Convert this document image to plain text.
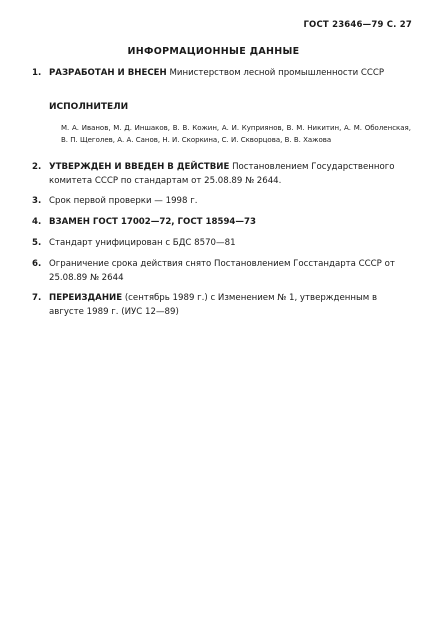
ГОСТ 23646—79 С. 27
ИНФОРМАЦИОННЫЕ ДАННЫЕ
1. РАЗРАБОТАН И ВНЕСЕН Министерством лесной промышленности СССР
ИСПОЛНИТЕЛИ
М. А. Иванов, М. Д. Иншаков, В. В. Кожин, А. И. Куприянов, В. М. Никитин, А. М. Оболенская, В. П. Щеголев, А. А. Санов, Н. И. Скоркина, С. И. Скворцова, В. В. Хажова
2. УТВЕРЖДЕН И ВВЕДЕН В ДЕЙСТВИЕ Постановлением Государственного комитета СССР по стандартам от 25.08.89 № 2644.
3. Срок первой проверки — 1998 г.
4. ВЗАМЕН ГОСТ 17002—72, ГОСТ 18594—73
5. Стандарт унифицирован с БДС 8570—81
6. Ограничение срока действия снято Постановлением Госстандарта СССР от 25.08.89 № 2644
7. ПЕРЕИЗДАНИЕ (сентябрь 1989 г.) с Изменением № 1, утвержденным в августе 1989 г. (ИУС 12—89)
